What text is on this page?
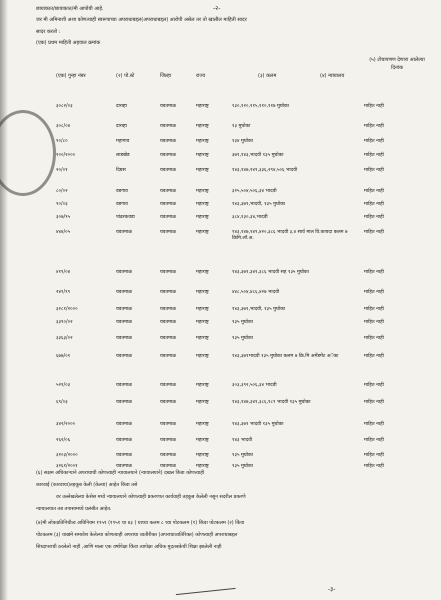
-२-
छायाकात/छायाकात/मी आपोयी आहे.
जर मी अमिनाशी अशा कोणत्याही स्वरूपाच्या अपराधाबद्दल(अपराधाबद्दल) आरोपी असेल तर तो खालील माहिती सादर
सादर करतो :
(एक) प्रथम माहिती अहवाल क्रमांक
(एक) गुन्हा नंबर	(२) पो.स्टे	जिल्हा	राज्य	(३) कलम	(४) न्यायालय
(५) टोचापणण देणारा आलेल्या दिनांक
३०८२/०३	दारव्हा	यवतमाळ	महाराष्ट्र	१३०,१२०,११५,११०,११७ मुघोका	माहित नाही
३०८/०४	दारव्हा	यवतमाळ	महाराष्ट्र	१३ मुघोका	माहित नाही
९०/८०	महागाव	यवतमाळ	महाराष्ट्र	१३४ मुघोका	माहित नाही
१००/२०००	लाडखेड	यवतमाळ	महाराष्ट्र	३७१,१४३,भादवी १३५ मुघोका	माहित नाही
२०/०१	दिग्रस	यवतमाळ	महाराष्ट्र	१४३,१४७,१४९,३३६,२९४,५०६ भादवी	माहित नाही
८०/०२	वडगाव	यवतमाळ	महाराष्ट्र	३२५,५०४,५०६,३४ भादवी	माहित नाही
९०/०३	वडगाव	यवतमाळ	महाराष्ट्र	१४३,३७१,भादवी, १३५ मुघोका	माहित नाही
३०७/९५	पांढरकवडा	यवतमाळ	महाराष्ट्र	३८४,१३०,३४,भादवी	माहित नाही
४४४/०५	यवतमाळ	यवतमाळ	महाराष्ट्र	१४३,१४७,१४९,४२०,३८६ भादवी ३,४ सार्व माल वि.कायदा कलम ७ क्रिमि.लॉ.अ.
माहित नाही
४१९/०४	यवतमाळ	यवतमाळ	महाराष्ट्र	१४३,३७१,३४१,३८६ भादवी सह १३५ मुघोका	माहित नाही
२४९/९९	यवतमाळ	यवतमाळ	महाराष्ट्र	४४८,५०४,४८६,४२७ भादवी	माहित नाही
३२८१/२०००	यवतमाळ	यवतमाळ	महाराष्ट्र	१४३,३७१,भादवी, १३५ मुघोका	माहित नाही
३३९०/०२	यवतमाळ	यवतमाळ	महाराष्ट्र	१३५ मुघोका	माहित नाही
३३६३/०२	यवतमाळ	यवतमाळ	महाराष्ट्र	१३५ मुघोका	माहित नाही
६७७/०१	यवतमाळ	यवतमाळ	महाराष्ट्र	१४३,३७१भादवी १३५ मुघोका कलम ७ क्रि.मि अमेंडमेंट अॅक्ट	माहित नाही
५२१/०३	यवतमाळ	यवतमाळ	महाराष्ट्र	३०३,३९२,५०६,३४ भादवी	माहित नाही
६९/०३	यवतमाळ	यवतमाळ	महाराष्ट्र	१४३,१४७,३४१,३८६,१८९ भादवी १३५ मुघोका	माहित नाही
३४२/२०००	यवतमाळ	यवतमाळ	महाराष्ट्र	१४३,३७१ भादवी १३५ मुघोका	माहित नाही
२६२/०६	यवतमाळ	यवतमाळ	महाराष्ट्र	१४३ भादवी	माहित नाही
३२०३/२०००	यवतमाळ	यवतमाळ	महाराष्ट्र	१३५ मुघोका	माहित नाही
३२६१/२००१	यवतमाळ	यवतमाळ	महाराष्ट्र	१३५ मुघोका	माहित नाही
(६) सक्षम अधिकाऱ्याने अपराधाची कोणत्याही न्यायालयाने (न्यायालयाने) दखल किंवा कोणत्याही
कारवाई (कारवाया)तहकूब केली (केल्या) आहेत किंवा तसे
वर उल्लेखलेल्या केसेस मध्ये न्यायालयाने कोणत्याही प्रकरणात कार्यवाही तहकुब केलेली नसुन सदरील प्रकरणे
न्यायालयात तब तपासामध्ये प्रलंबीत आहेत.
(७)मी लोकप्रतिनिधीत्व अधिनियम १९५१ (१९५१ चा ४३ ) याच्या कलम ८ च्या पोटकलम (१) किंवा पोटकलम (२) किंवा
पोटकलम (३) याखंमे समावेश केलेल्या कोणत्याही अपराधा व्यतीरीक्त (अपराधाव्यतिरिक्त) कोणत्याही अपराधाबद्दल
सिध्दापराधी ठरलेलो नाही ,आणि माला एक वर्षापेक्षा किंवा त्यापेक्षा अधिक मुदतबकेची शिक्षा झालेली नाही
-३-
